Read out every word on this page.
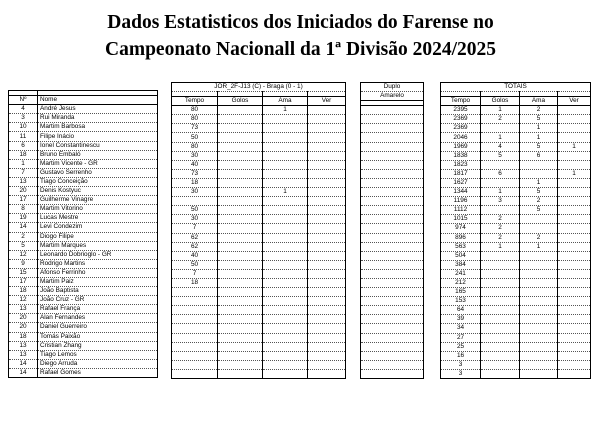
Dados Estatisticos dos Iniciados do Farense no
Campeonato Nacionall da 1ª Divisão 2024/2025

Nº	Nome
4	André Jesus
3	Rui Miranda
10	Martim Barbosa
11	Filipe Inácio
6	Ionel Constantinescu
18	Bruno Embaló
1	Martim Vicente - GR
7	Gustavo Serrenho
13	Tiago Conceição
20	Denis Kostyuc
17	Guilherme Vinagre
8	Martim Vitorino
19	Lucas Mestre
14	Levi Condezim
2	Diogo Filipe
5	Martim Marques
12	Leonardo Dobrioglo - GR
9	Rodrigo Martins
15	Afonso Ferrinho
17	Martim Paiz
18	João Baptista
12	João Cruz - GR
13	Rafael França
20	Alan Fernandes
20	Daniel Guerreiro
18	Tomás Paixão
13	Cristian Zhang
13	Tiago Lemos
14	Diego Arruda
14	Rafael Gomes
JOR_2F-J13 (C) - Braga (0 - 1)			

Tempo	Golos	Ama	Ver
80		1	
80			
73			
50			
80			
30			
40			
73			
18			
30		1	

50			
30			
7			
62			
62			
40			
50			
7			
18			

Duplo
Amarelo

TOTAIS			

Tempo	Golos	Ama	Ver
2395	1	2	
2369	2	5	
2369		1	
2046	1	1	
1969	4	5	1
1838	5	6	
1823			
1817	6		1
1627		1	
1344	1	5	
1196	3	2	
1112		5	
1015	2		
974	2		
896	2	2	
563	1	1	
504			
384			
241			
212			
165			
153			
64			
39			
34			
27			
25			
16			
3			
3			
